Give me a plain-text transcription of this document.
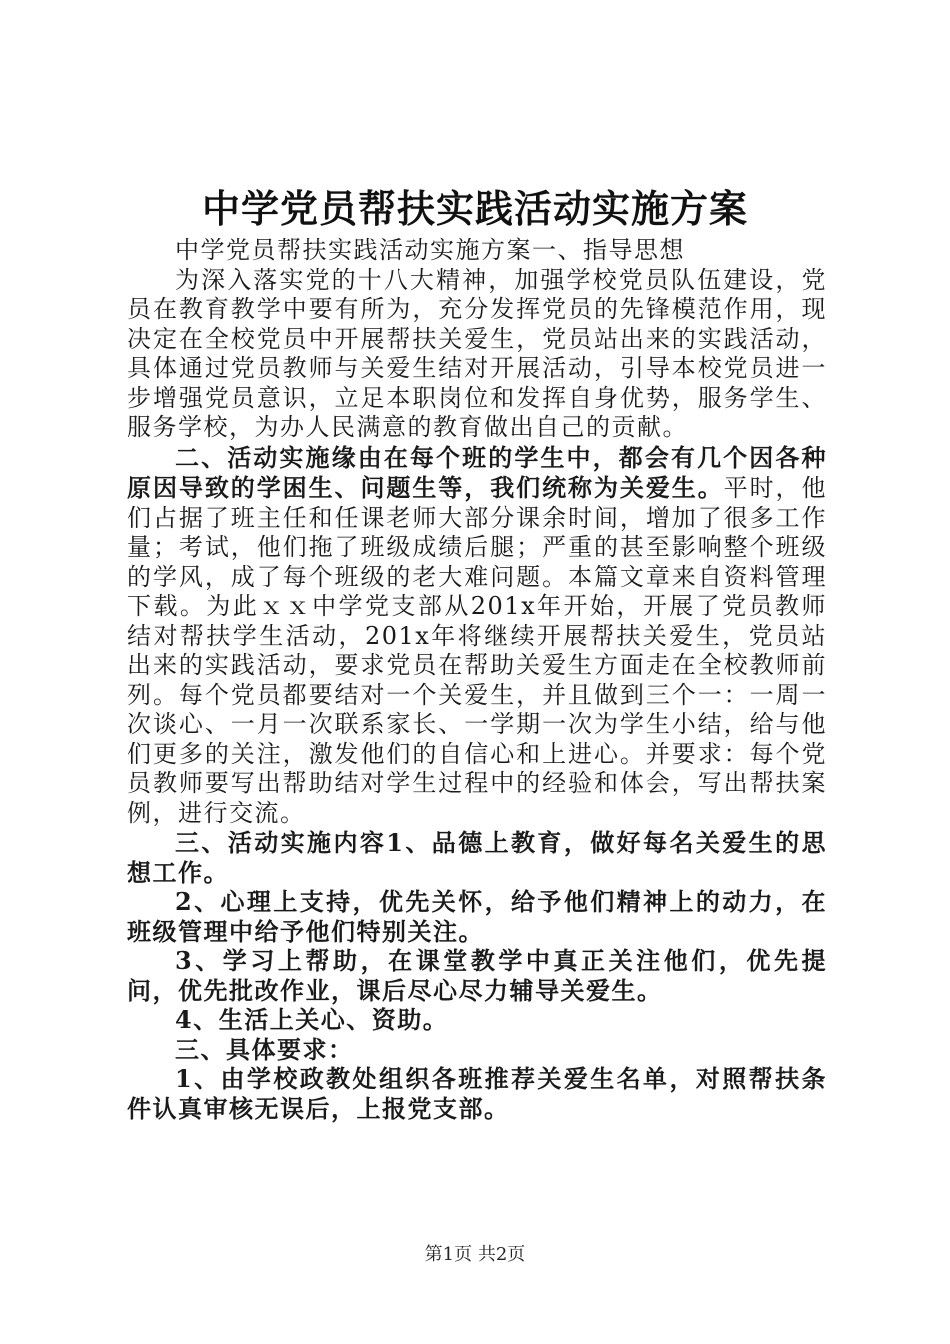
中学党员帮扶实践活动实施方案

中学党员帮扶实践活动实施方案一、指导思想

为深入落实党的十八大精神，加强学校党员队伍建设，党员在教育教学中要有所为，充分发挥党员的先锋模范作用，现决定在全校党员中开展帮扶关爱生，党员站出来的实践活动，具体通过党员教师与关爱生结对开展活动，引导本校党员进一步增强党员意识，立足本职岗位和发挥自身优势，服务学生、服务学校，为办人民满意的教育做出自己的贡献。

二、活动实施缘由在每个班的学生中，都会有几个因各种原因导致的学困生、问题生等，我们统称为关爱生。平时，他们占据了班主任和任课老师大部分课余时间，增加了很多工作量；考试，他们拖了班级成绩后腿；严重的甚至影响整个班级的学风，成了每个班级的老大难问题。本篇文章来自资料管理下载。为此ｘｘ中学党支部从201x年开始，开展了党员教师结对帮扶学生活动，201x年将继续开展帮扶关爱生，党员站出来的实践活动，要求党员在帮助关爱生方面走在全校教师前列。每个党员都要结对一个关爱生，并且做到三个一：一周一次谈心、一月一次联系家长、一学期一次为学生小结，给与他们更多的关注，激发他们的自信心和上进心。并要求：每个党员教师要写出帮助结对学生过程中的经验和体会，写出帮扶案例，进行交流。

三、活动实施内容1、品德上教育，做好每名关爱生的思想工作。

2、心理上支持，优先关怀，给予他们精神上的动力，在班级管理中给予他们特别关注。

3、学习上帮助，在课堂教学中真正关注他们，优先提问，优先批改作业，课后尽心尽力辅导关爱生。

4、生活上关心、资助。

三、具体要求：

1、由学校政教处组织各班推荐关爱生名单，对照帮扶条件认真审核无误后，上报党支部。

第1页 共2页
